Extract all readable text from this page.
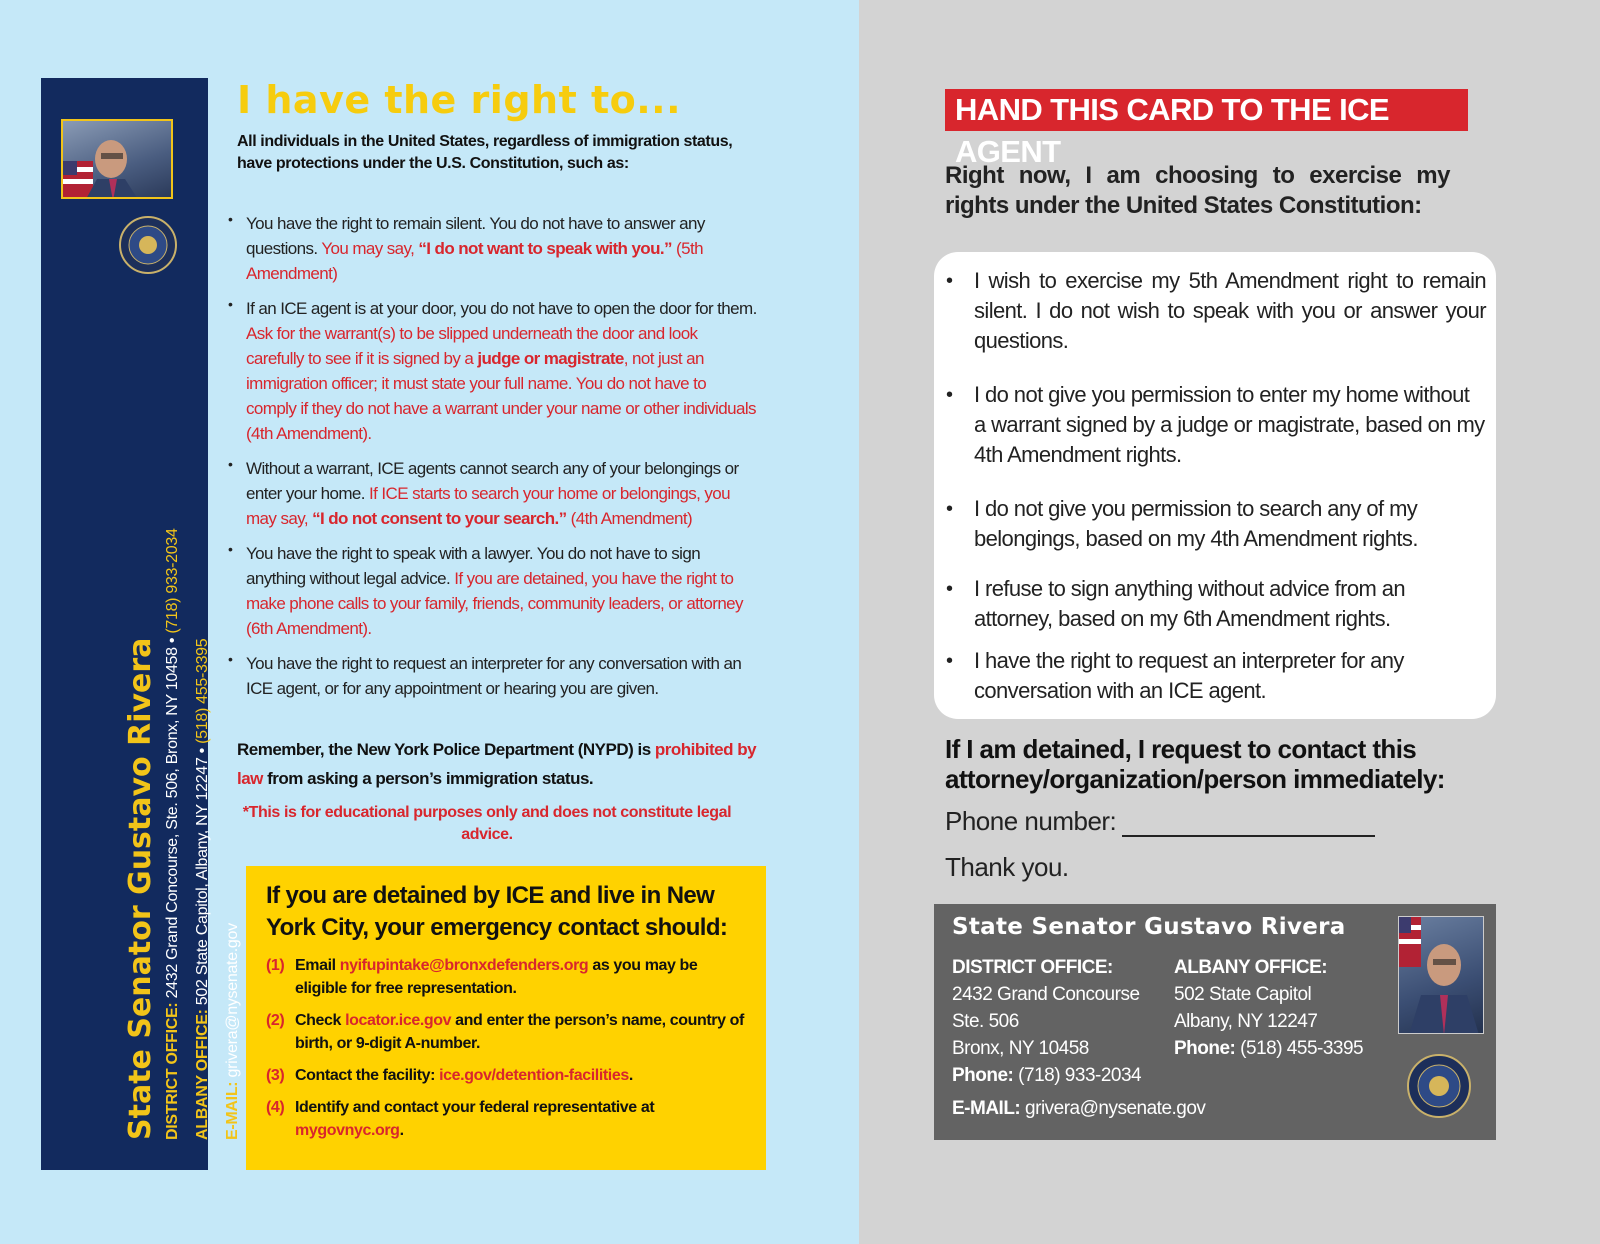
State Senator Gustavo Rivera DISTRICT OFFICE: 2432 Grand Concourse, Ste. 506, Bronx, NY 10458 • (718) 933-2034
ALBANY OFFICE: 502 State Capitol, Albany, NY 12247 • (518) 455-3395
E-MAIL: grivera@nysenate.gov
I have the right to...
All individuals in the United States, regardless of immigration status, have protections under the U.S. Constitution, such as:
• You have the right to remain silent. You do not have to answer any questions. You may say, “I do not want to speak with you.” (5th Amendment)
• If an ICE agent is at your door, you do not have to open the door for them. Ask for the warrant(s) to be slipped underneath the door and look carefully to see if it is signed by a judge or magistrate, not just an immigration officer; it must state your full name. You do not have to comply if they do not have a warrant under your name or other individuals (4th Amendment).
• Without a warrant, ICE agents cannot search any of your belongings or enter your home. If ICE starts to search your home or belongings, you may say, “I do not consent to your search.” (4th Amendment)
• You have the right to speak with a lawyer. You do not have to sign anything without legal advice. If you are detained, you have the right to make phone calls to your family, friends, community leaders, or attorney (6th Amendment).
• You have the right to request an interpreter for any conversation with an ICE agent, or for any appointment or hearing you are given.
Remember, the New York Police Department (NYPD) is prohibited by law from asking a person’s immigration status.
*This is for educational purposes only and does not constitute legal advice.
If you are detained by ICE and live in New York City, your emergency contact should:
(1) Email nyifupintake@bronxdefenders.org as you may be eligible for free representation.
(2) Check locator.ice.gov and enter the person’s name, country of birth, or 9-digit A-number.
(3) Contact the facility: ice.gov/detention-facilities.
(4) Identify and contact your federal representative at mygovnyc.org.
HAND THIS CARD TO THE ICE AGENT
Right now, I am choosing to exercise my rights under the United States Constitution:
• I wish to exercise my 5th Amendment right to remain silent. I do not wish to speak with you or answer your questions.
• I do not give you permission to enter my home without a warrant signed by a judge or magistrate, based on my 4th Amendment rights.
• I do not give you permission to search any of my belongings, based on my 4th Amendment rights.
• I refuse to sign anything without advice from an attorney, based on my 6th Amendment rights.
• I have the right to request an interpreter for any conversation with an ICE agent.
If I am detained, I request to contact this attorney/organization/person immediately:
Phone number:
Thank you.
State Senator Gustavo Rivera
DISTRICT OFFICE:
2432 Grand Concourse
Ste. 506
Bronx, NY 10458
Phone: (718) 933-2034
ALBANY OFFICE:
502 State Capitol
Albany, NY 12247
Phone: (518) 455-3395
E-MAIL: grivera@nysenate.gov
